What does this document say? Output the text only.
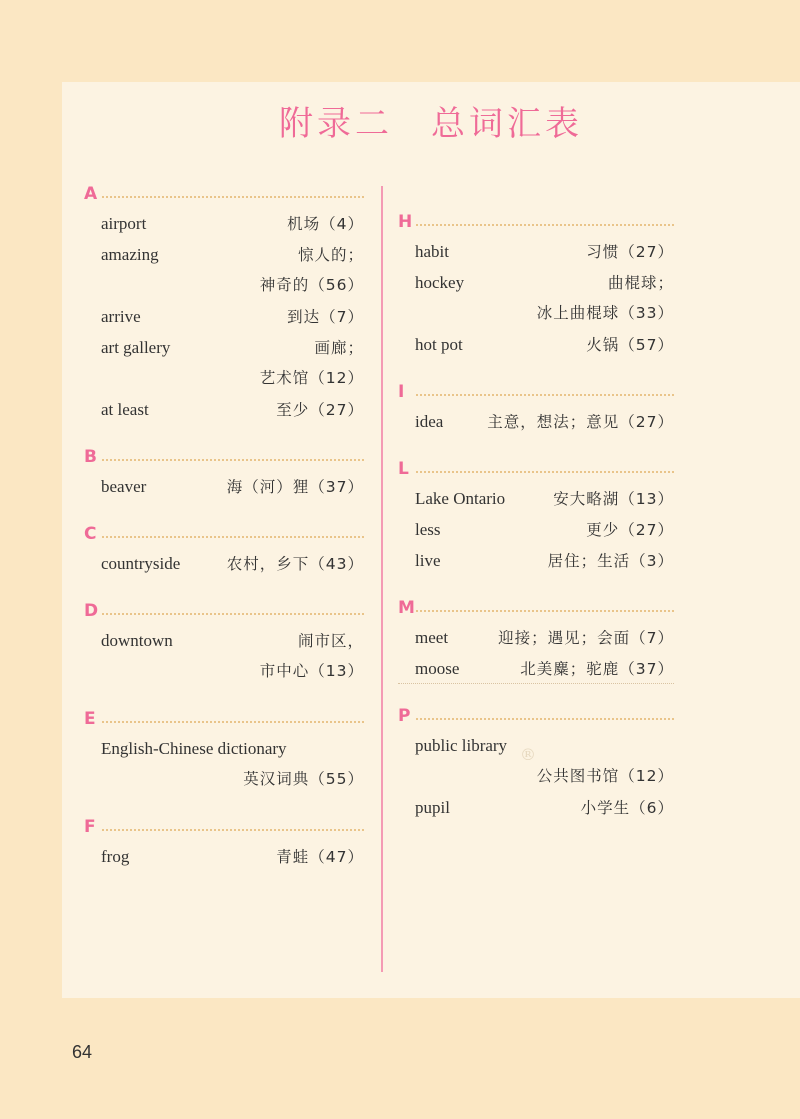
附录二　总词汇表
A
airport	机场（4）
amazing	惊人的；
神奇的（56）
arrive	到达（7）
art gallery	画廊；
艺术馆（12）
at least	至少（27）
B
beaver	海（河）狸（37）
C
countryside	农村，乡下（43）
D
downtown	闹市区，
市中心（13）
E
English-Chinese dictionary
英汉词典（55）
F
frog	青蛙（47）
H
habit	习惯（27）
hockey	曲棍球；
冰上曲棍球（33）
hot pot	火锅（57）
I
idea	主意，想法；意见（27）
L
Lake Ontario	安大略湖（13）
less	更少（27）
live	居住；生活（3）
M
meet	迎接；遇见；会面（7）
moose	北美麋；驼鹿（37）
P
public library
公共图书馆（12）
pupil	小学生（6）
®
64
